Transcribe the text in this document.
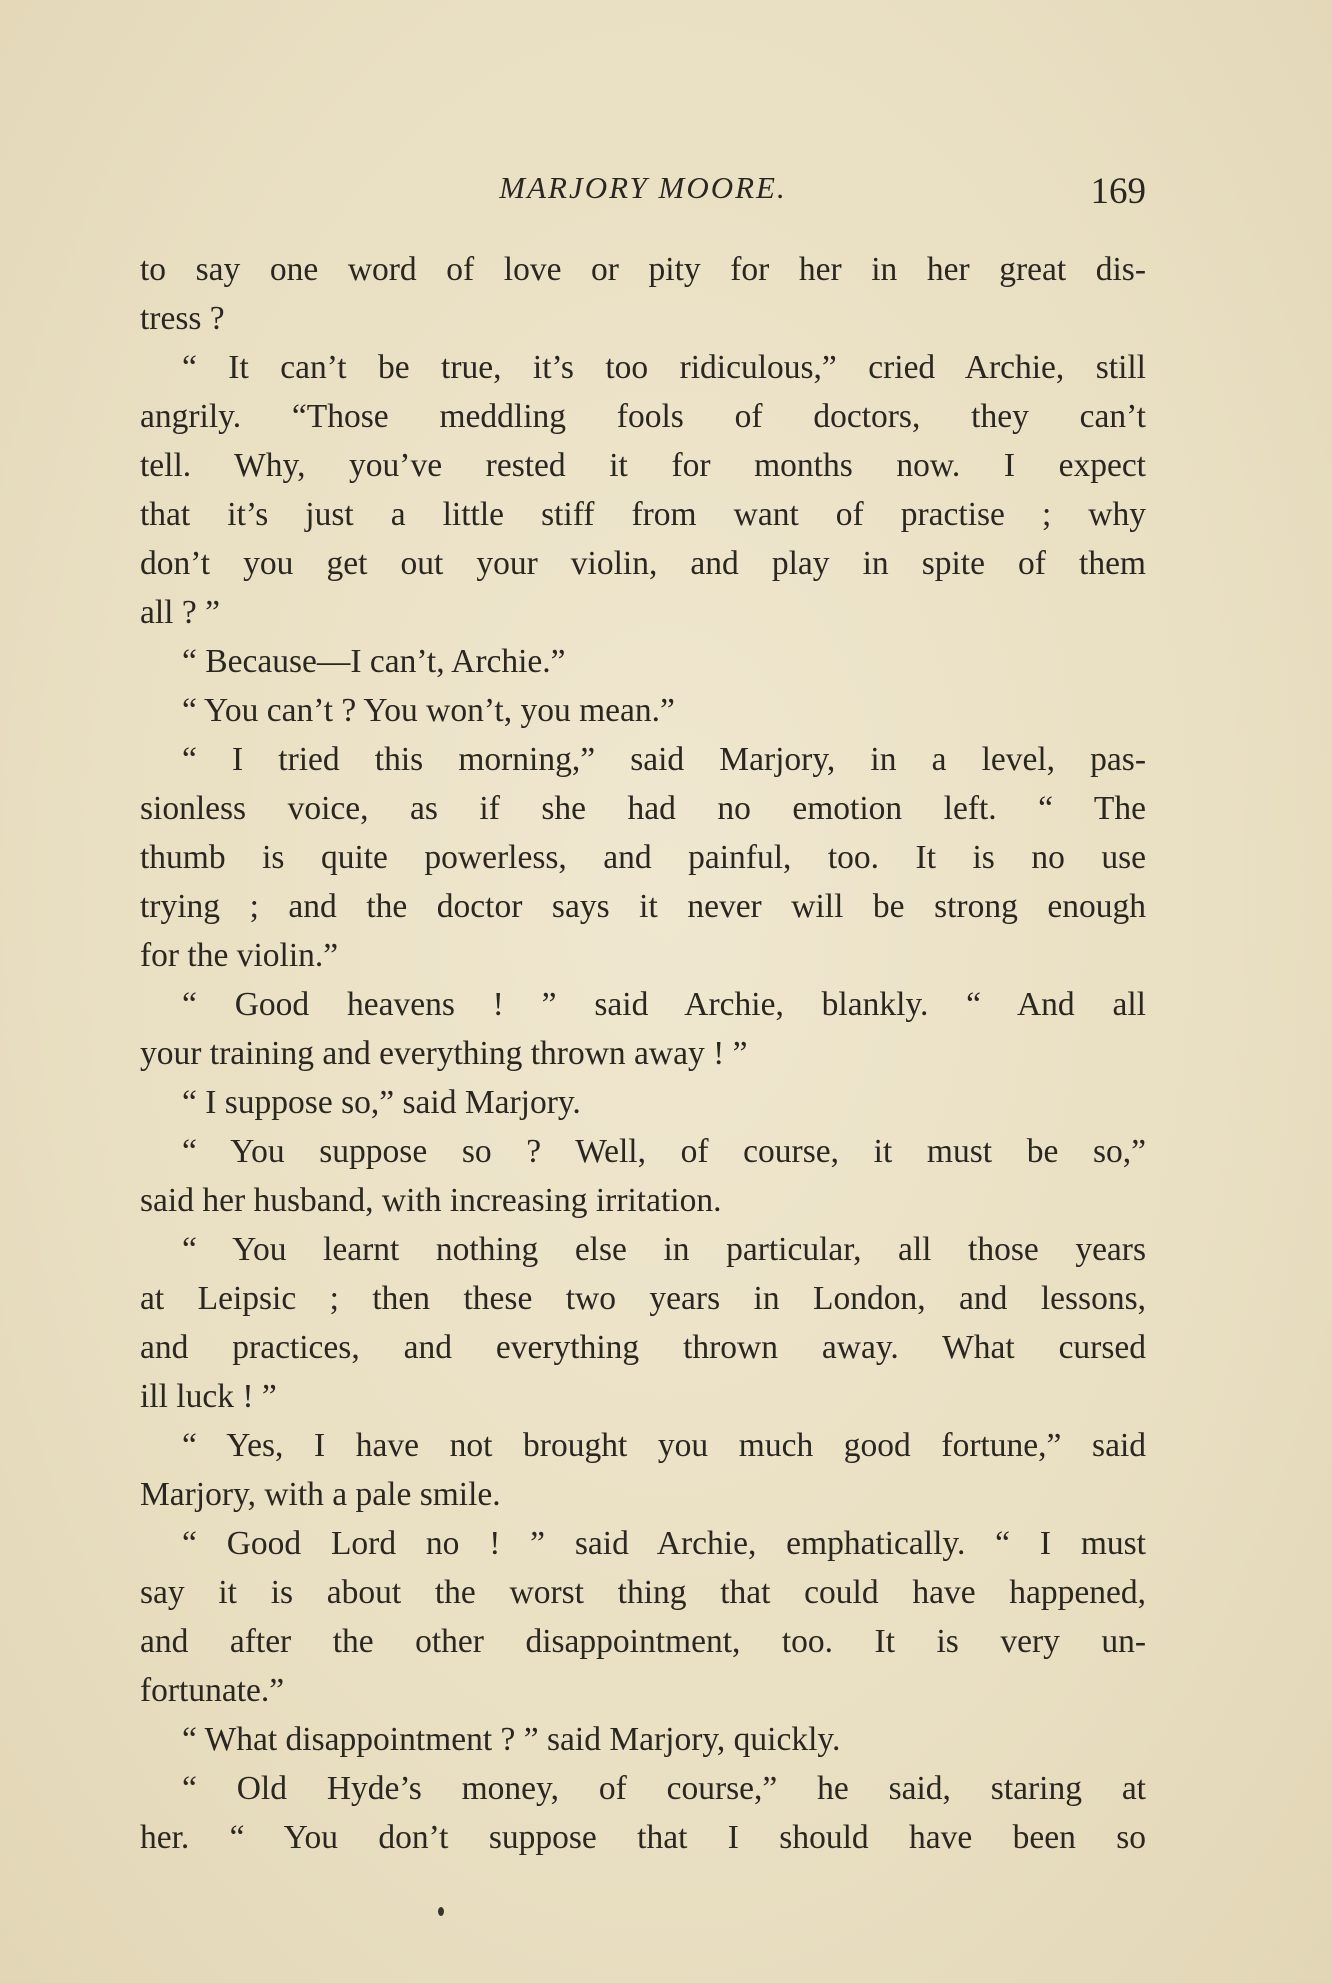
MARJORY MOORE.	169
to say one word of love or pity for her in her great dis-
tress ?
“ It can’t be true, it’s too ridiculous,” cried Archie, still
angrily. “Those meddling fools of doctors, they can’t
tell. Why, you’ve rested it for months now. I expect
that it’s just a little stiff from want of practise ; why
don’t you get out your violin, and play in spite of them
all ? ”
“ Because—I can’t, Archie.”
“ You can’t ? You won’t, you mean.”
“ I tried this morning,” said Marjory, in a level, pas-
sionless voice, as if she had no emotion left. “ The
thumb is quite powerless, and painful, too. It is no use
trying ; and the doctor says it never will be strong enough
for the violin.”
“ Good heavens ! ” said Archie, blankly. “ And all
your training and everything thrown away ! ”
“ I suppose so,” said Marjory.
“ You suppose so ? Well, of course, it must be so,”
said her husband, with increasing irritation.
“ You learnt nothing else in particular, all those years
at Leipsic ; then these two years in London, and lessons,
and practices, and everything thrown away. What cursed
ill luck ! ”
“ Yes, I have not brought you much good fortune,” said
Marjory, with a pale smile.
“ Good Lord no ! ” said Archie, emphatically. “ I must
say it is about the worst thing that could have happened,
and after the other disappointment, too. It is very un-
fortunate.”
“ What disappointment ? ” said Marjory, quickly.
“ Old Hyde’s money, of course,” he said, staring at
her. “ You don’t suppose that I should have been so
